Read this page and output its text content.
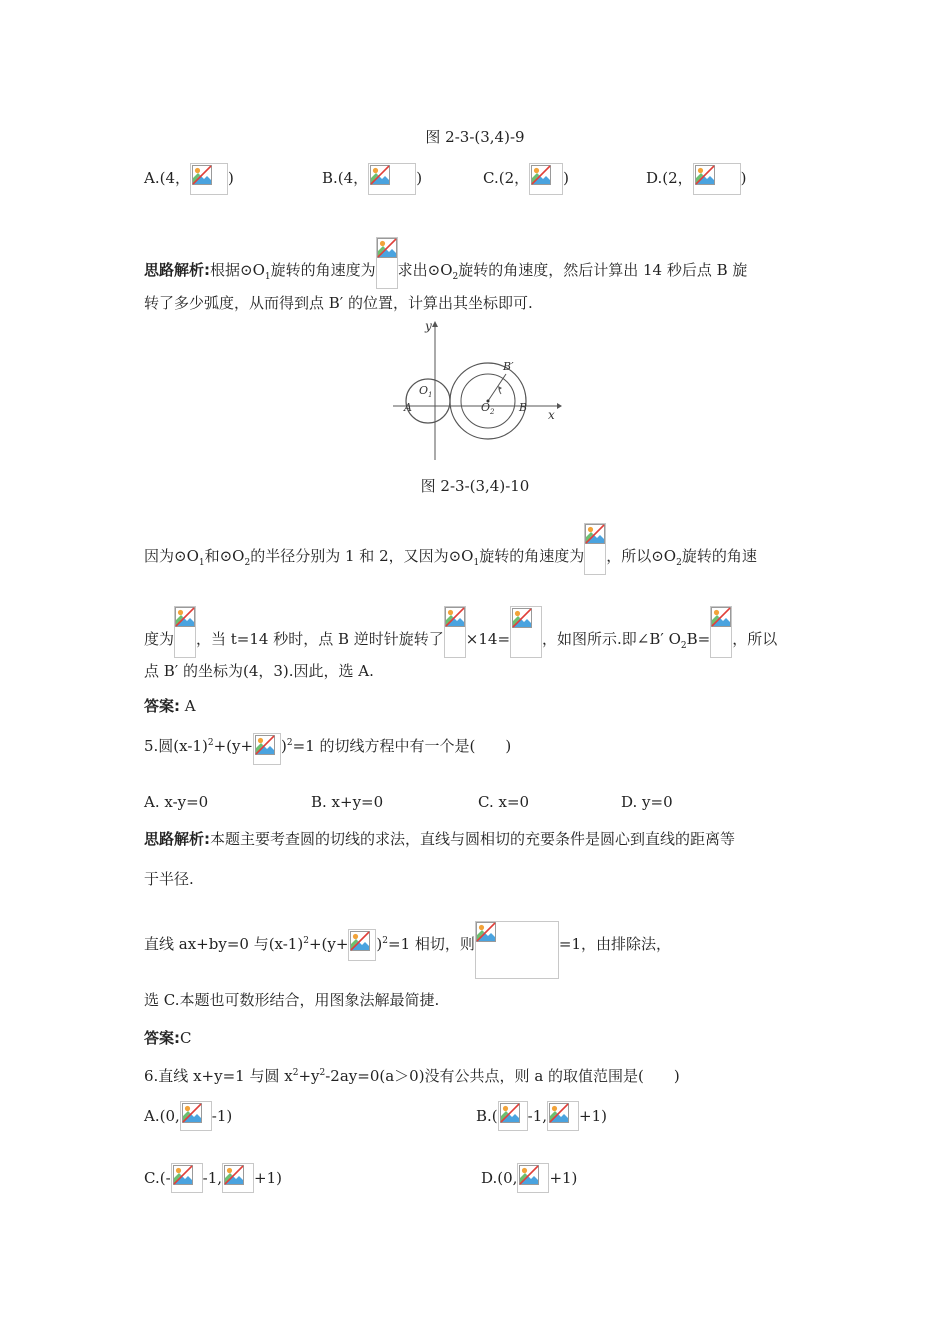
图 2-3-(3,4)-9
A.(4，	)	B.(4，	)	C.(2， )	D.(2，	)
思路解析:根据$⊙O_1$旋转的角速度为 求出$⊙O_2$旋转的角速度，然后计算出 14 秒后点 B 旋
转了多少弧度，从而得到点 B′ 的位置，计算出其坐标即可.
y
x
$O_1$
$O_2$
A	B
B′
图 2-3-(3,4)-10
因为$⊙O_1$和$⊙O_2$的半径分别为 1 和 2，又因为$⊙O_1$旋转的角速度为 ，所以$⊙O_2$旋转的角速
度为 ，当 t=14 秒时，点 B 逆时针旋转了 ×14= ，如图所示.即∠B′ $O_2B=$ ，所以
点 B′ 的坐标为(4，3).因此，选 A.
答案: A
5.圆$(x-1)^2+(y+ )^2=1$ 的切线方程中有一个是(　　)
A. x-y=0	B. x+y=0	C. x=0	D. y=0
思路解析:本题主要考查圆的切线的求法，直线与圆相切的充要条件是圆心到直线的距离等
于半径.
直线 ax+by=0 与$(x-1)^2+(y+ )^2=1$ 相切，则	=1，由排除法，
选 C.本题也可数形结合，用图象法解最简捷.
答案:C
6.直线 x+y=1 与圆 $x^2+y^2-2ay=0(a>0)$没有公共点，则 a 的取值范围是(　　)
A.(0, -1)	B.( -1, +1)
C.(- -1, +1)	D.(0, +1)
